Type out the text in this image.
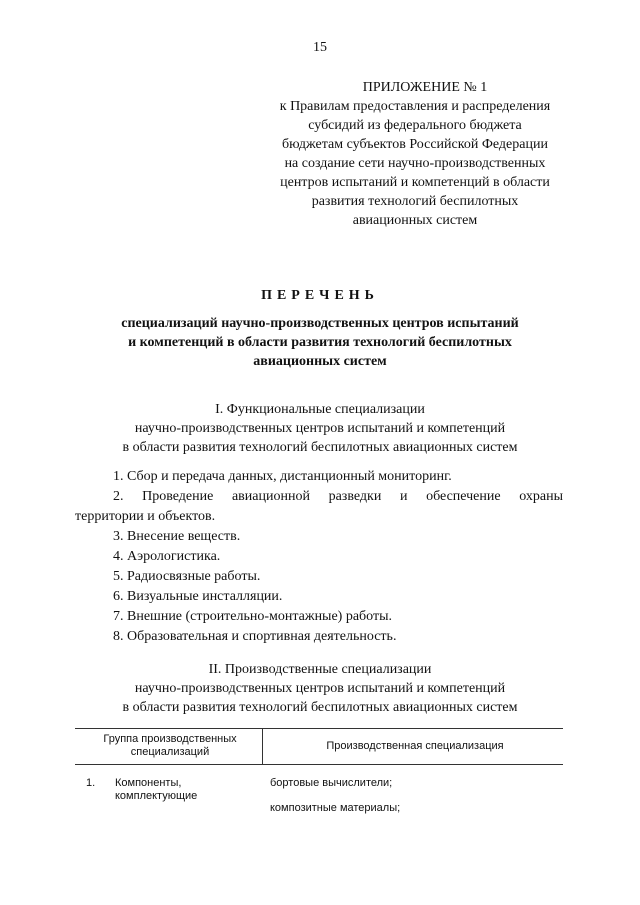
15
ПРИЛОЖЕНИЕ № 1
к Правилам предоставления и распределения
субсидий из федерального бюджета
бюджетам субъектов Российской Федерации
на создание сети научно-производственных
центров испытаний и компетенций в области
развития технологий беспилотных
авиационных систем
ПЕРЕЧЕНЬ
специализаций научно-производственных центров испытаний
и компетенций в области развития технологий беспилотных
авиационных систем
I. Функциональные специализации
научно-производственных центров испытаний и компетенций
в области развития технологий беспилотных авиационных систем
1. Сбор и передача данных, дистанционный мониторинг.
2. Проведение авиационной разведки и обеспечение охраны
территории и объектов.
3. Внесение веществ.
4. Аэрологистика.
5. Радиосвязные работы.
6. Визуальные инсталляции.
7. Внешние (строительно-монтажные) работы.
8. Образовательная и спортивная деятельность.
II. Производственные специализации
научно-производственных центров испытаний и компетенций
в области развития технологий беспилотных авиационных систем
Группа производственных
специализаций	Производственная специализация
1. Компоненты,
комплектующие
бортовые вычислители;
композитные материалы;
